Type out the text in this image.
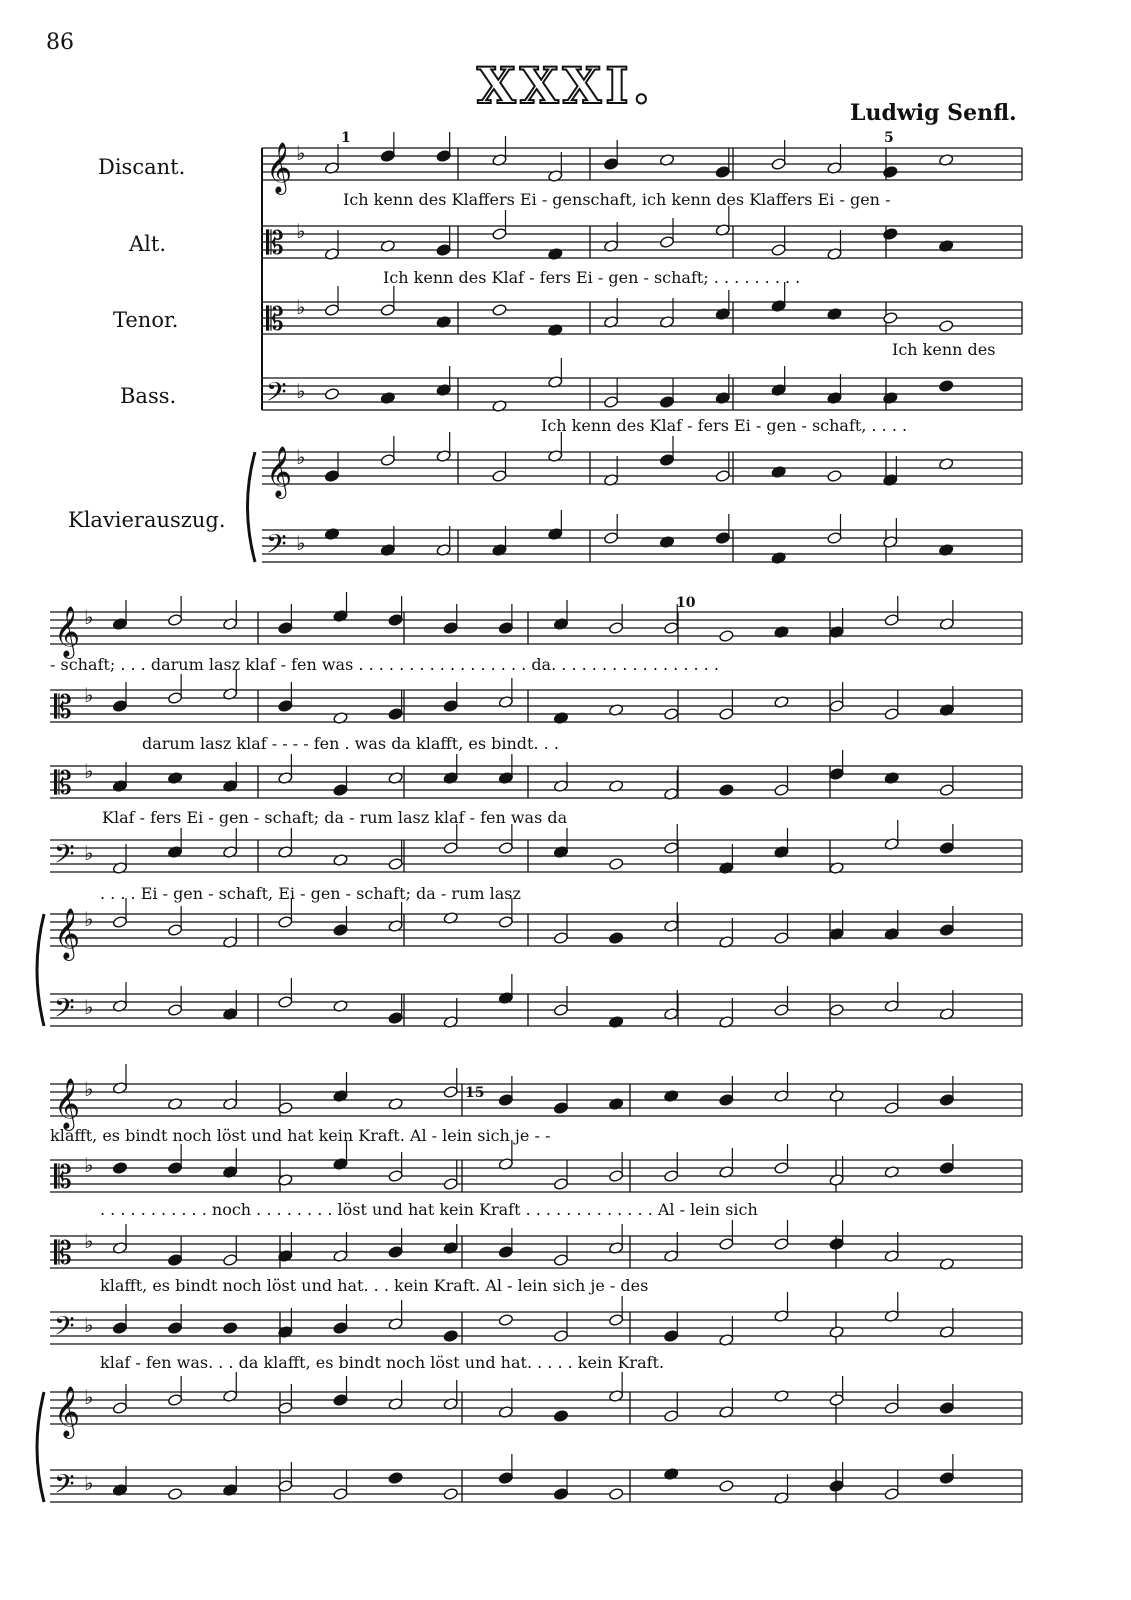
86
XXXI.	Ludwig Senfl.
Discant.
Alt.
Tenor.
Bass.
Klavierauszug.
1	5
10
15
Ich kenn des Klaffers Ei - genschaft, ich kenn des Klaffers Ei - gen -
Ich kenn des Klaf - fers Ei - gen - schaft; . . . . . . . . .
Ich kenn des
Ich kenn des Klaf - fers Ei - gen - schaft, . . . .
- schaft; . . . darum lasz klaf - fen was . . . . . . . . . . . . . . . . . da. . . . . . . . . . . . . . . . .
darum lasz klaf - - - - fen . was da klafft, es bindt. . .
Klaf - fers Ei - gen - schaft; da - rum lasz klaf - fen was da
. . . . Ei - gen - schaft, Ei - gen - schaft; da - rum lasz
klafft, es bindt noch löst und hat kein Kraft. Al - lein sich je - -
. . . . . . . . . . . noch . . . . . . . . löst und hat kein Kraft . . . . . . . . . . . . . Al - lein sich
klafft, es bindt noch löst und hat. . . kein Kraft. Al - lein sich je - des
klaf - fen was. . . da klafft, es bindt noch löst und hat. . . . . kein Kraft.
𝄞 ♭
𝄡 ♭
𝄡 ♭
𝄢 ♭
𝄞 ♭
𝄢 ♭
𝄞 ♭
𝄡 ♭
𝄡 ♭
𝄢 ♭
𝄞 ♭
𝄢 ♭
𝄞 ♭
𝄡 ♭
𝄡 ♭
𝄢 ♭
𝄞 ♭
𝄢 ♭
